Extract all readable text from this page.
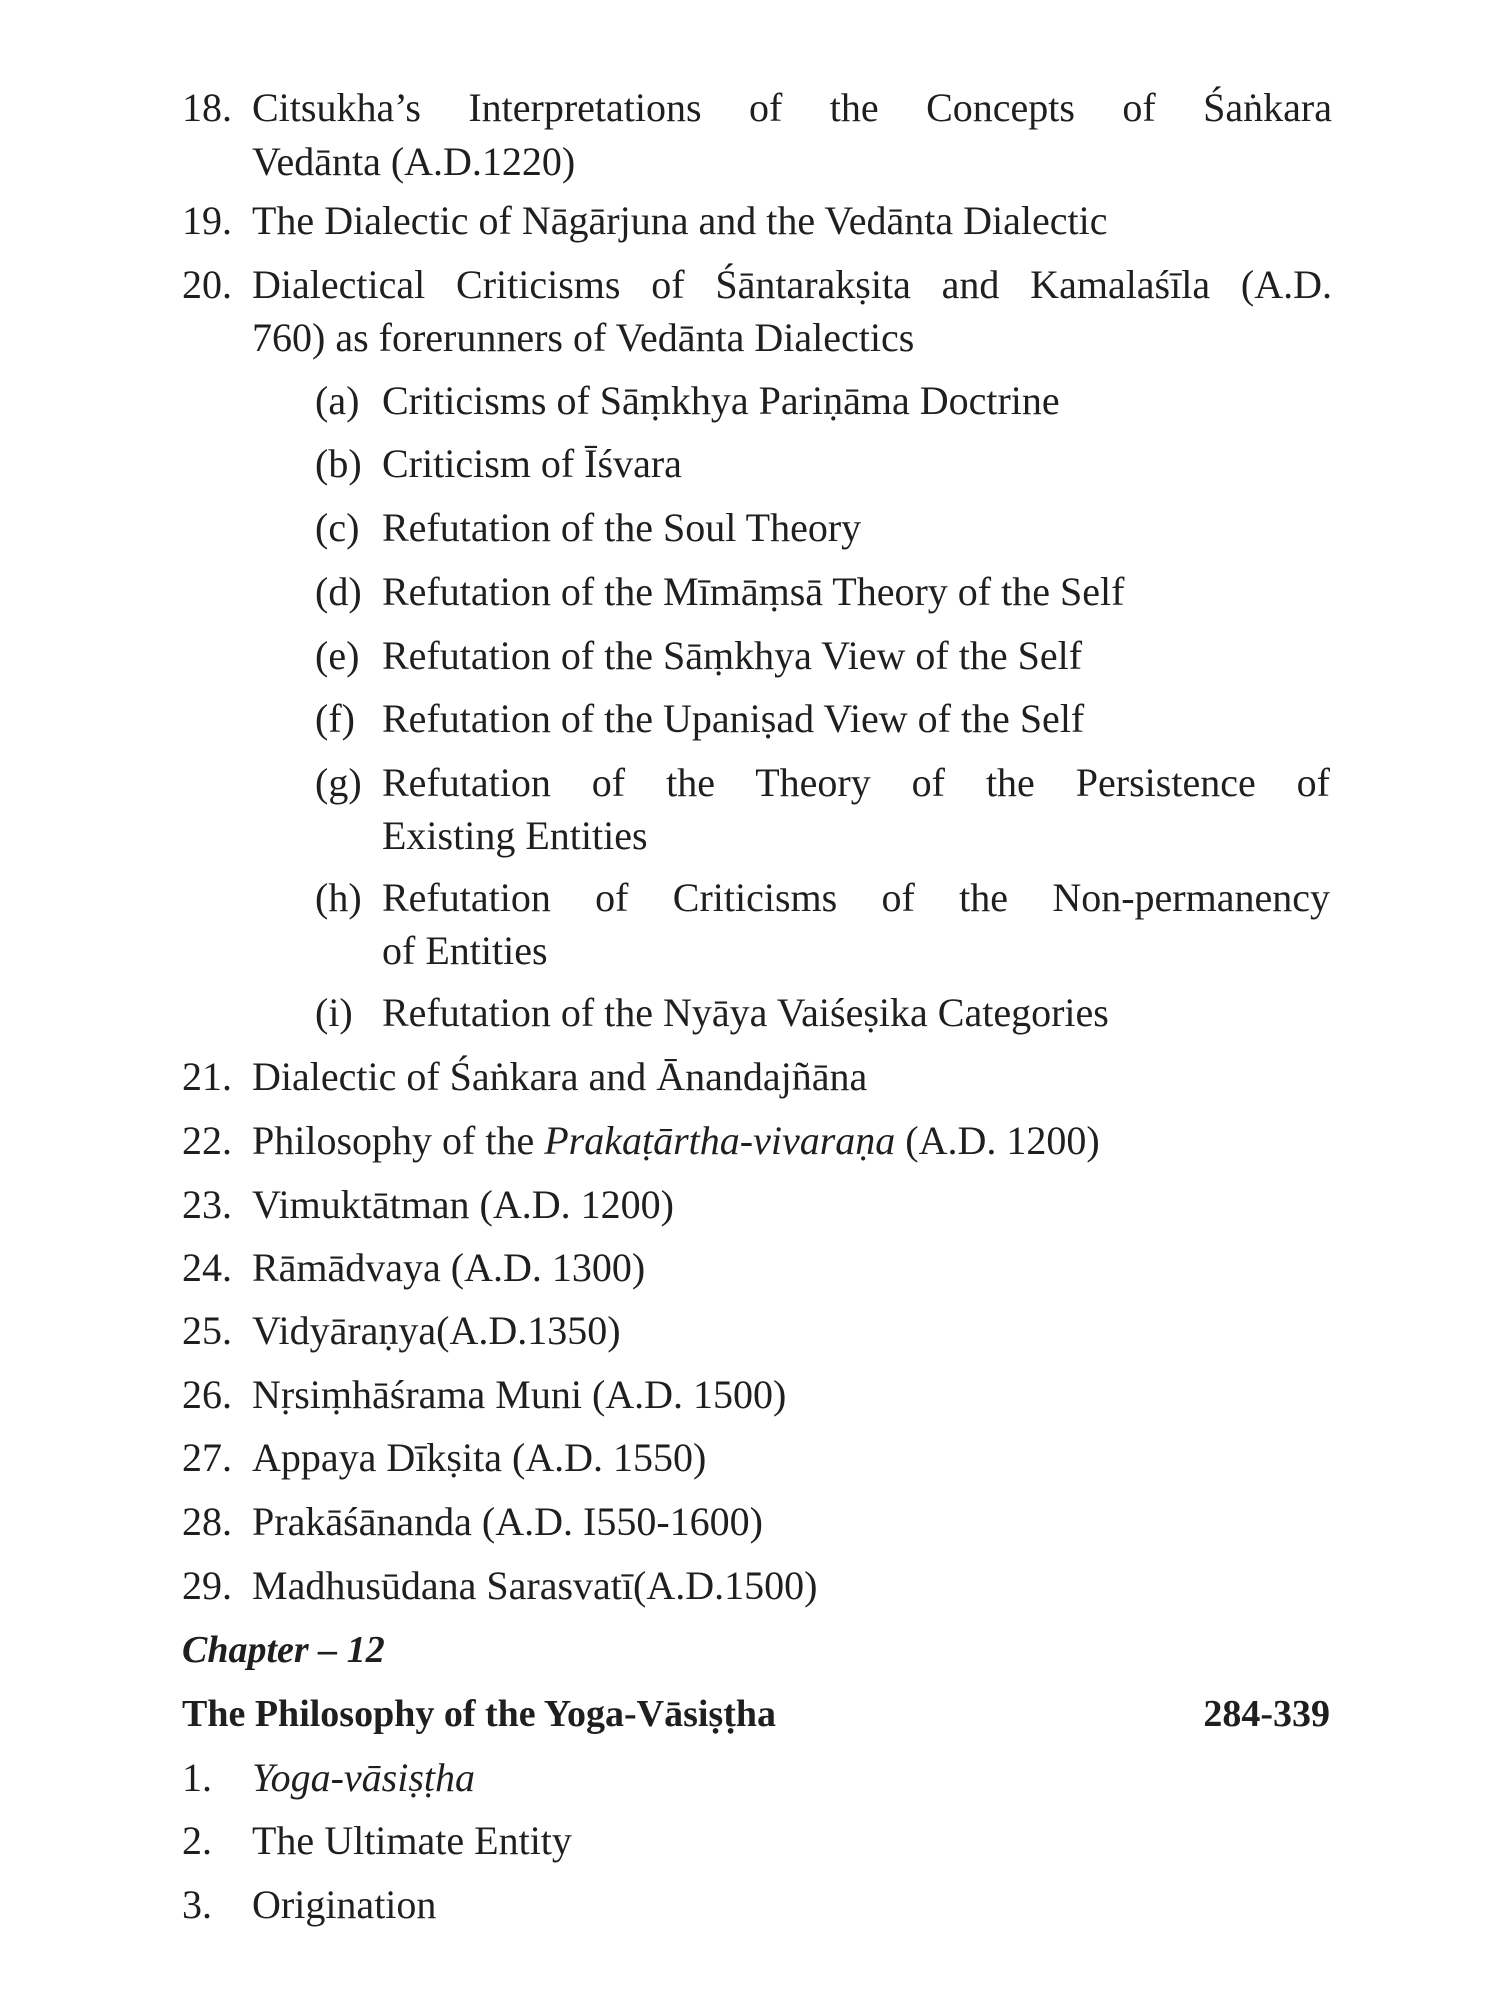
18. Citsukha’s Interpretations of the Concepts of Śaṅkara
Vedānta (A.D.1220)
19. The Dialectic of Nāgārjuna and the Vedānta Dialectic
20. Dialectical Criticisms of Śāntarakṣita and Kamalaśīla (A.D.
760) as forerunners of Vedānta Dialectics
(a) Criticisms of Sāṃkhya Pariṇāma Doctrine
(b) Criticism of Īśvara
(c) Refutation of the Soul Theory
(d) Refutation of the Mīmāṃsā Theory of the Self
(e) Refutation of the Sāṃkhya View of the Self
(f) Refutation of the Upaniṣad View of the Self
(g) Refutation of the Theory of the Persistence of
Existing Entities
(h) Refutation of Criticisms of the Non-permanency
of Entities
(i) Refutation of the Nyāya Vaiśeṣika Categories
21. Dialectic of Śaṅkara and Ānandajñāna
22. Philosophy of the Prakaṭārtha-vivaraṇa (A.D. 1200)
23. Vimuktātman (A.D. 1200)
24. Rāmādvaya (A.D. 1300)
25. Vidyāraṇya(A.D.1350)
26. Nṛsiṃhāśrama Muni (A.D. 1500)
27. Appaya Dīkṣita (A.D. 1550)
28. Prakāśānanda (A.D. I550-1600)
29. Madhusūdana Sarasvatī(A.D.1500)
Chapter – 12
The Philosophy of the Yoga-Vāsiṣṭha	284-339
1. Yoga-vāsiṣṭha
2. The Ultimate Entity
3. Origination
